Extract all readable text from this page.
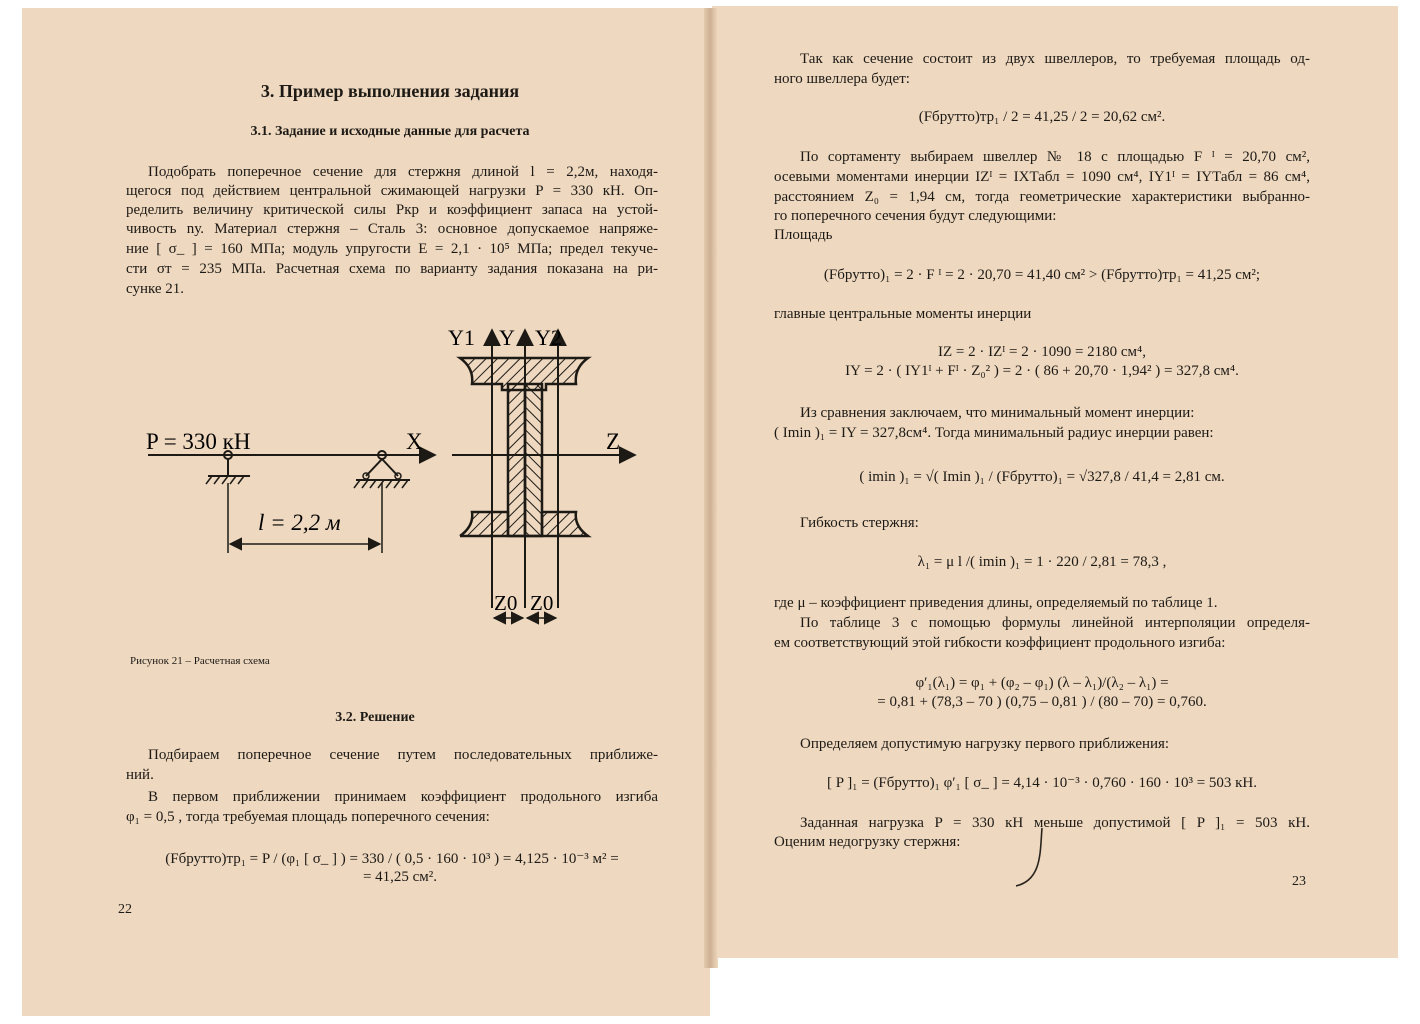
3. Пример выполнения задания
3.1. Задание и исходные данные для расчета
Подобрать поперечное сечение для стержня длиной l = 2,2м, находя-
щегося под действием центральной сжимающей нагрузки P = 330 кН. Оп-
ределить величину критической силы Pкр и коэффициент запаса на устой-
чивость nу. Материал стержня – Сталь 3: основное допускаемое напряже-
ние [ σ_ ] = 160 МПа; модуль упругости E = 2,1 · 10⁵ МПа; предел текуче-
сти σт = 235 МПа. Расчетная схема по варианту задания показана на ри-
сунке 21.
P = 330 кН	X
l = 2,2 м
Z
Y1 Y Y2
Z0 Z0
Рисунок 21 – Расчетная схема
3.2. Решение
Подбираем поперечное сечение путем последовательных приближе-
ний.
В первом приближении принимаем коэффициент продольного изгиба
φ₁ = 0,5 , тогда требуемая площадь поперечного сечения:
(Fбрутто)тр₁ = P / (φ₁ [ σ_ ] ) = 330 / ( 0,5 · 160 · 10³ ) = 4,125 · 10⁻³ м² =
= 41,25 см².
22
Так как сечение состоит из двух швеллеров, то требуемая площадь од-
ного швеллера будет:
(Fбрутто)тр₁ / 2 = 41,25 / 2 = 20,62 см².
По сортаменту выбираем швеллер № 18 с площадью F ᴵ = 20,70 см²,
осевыми моментами инерции IZᴵ = IXТабл = 1090 см⁴, IY1ᴵ = IYТабл = 86 см⁴,
расстоянием Z₀ = 1,94 см, тогда геометрические характеристики выбранно-
го поперечного сечения будут следующими:
Площадь
(Fбрутто)₁ = 2 · F ᴵ = 2 · 20,70 = 41,40 см² > (Fбрутто)тр₁ = 41,25 см²;
главные центральные моменты инерции
IZ = 2 · IZᴵ = 2 · 1090 = 2180 см⁴,
IY = 2 · ( IY1ᴵ + Fᴵ · Z₀² ) = 2 · ( 86 + 20,70 · 1,94² ) = 327,8 см⁴.
Из сравнения заключаем, что минимальный момент инерции:
( Imin )₁ = IY = 327,8см⁴. Тогда минимальный радиус инерции равен:
( imin )₁ = √( Imin )₁ / (Fбрутто)₁ = √327,8 / 41,4 = 2,81 см.
Гибкость стержня:
λ₁ = μ l /( imin )₁ = 1 · 220 / 2,81 = 78,3 ,
где μ – коэффициент приведения длины, определяемый по таблице 1.
По таблице 3 с помощью формулы линейной интерполяции определя-
ем соответствующий этой гибкости коэффициент продольного изгиба:
φ′₁(λ₁) = φ₁ + (φ₂ – φ₁) (λ – λ₁)/(λ₂ – λ₁) =
= 0,81 + (78,3 – 70 ) (0,75 – 0,81 ) / (80 – 70) = 0,760.
Определяем допустимую нагрузку первого приближения:
[ P ]₁ = (Fбрутто)₁ φ′₁ [ σ_ ] = 4,14 · 10⁻³ · 0,760 · 160 · 10³ = 503 кН.
Заданная нагрузка P = 330 кН меньше допустимой [ P ]₁ = 503 кН.
Оценим недогрузку стержня:
23
